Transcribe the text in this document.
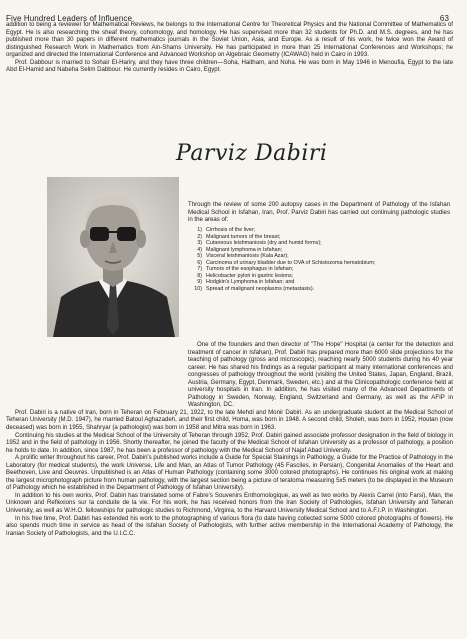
Five Hundred Leaders of Influence	63

addition to being a reviewer for Mathematical Reviews, he belongs to the International Centre for Theoretical Physics and the National Committee of Mathematics of Egypt. He is also researching the sheaf theory, cohomology, and homology. He has supervised more than 32 students for Ph.D. and M.S. degrees, and he has published more than 30 papers in different mathematics journals in the Soviet Union, Asia, and Europe. As a result of his work, he twice won the Award of distinguished Research Work in Mathematics from Ain-Shams University. He has participated in more than 25 International Conferences and Workshops; he organized and directed the International Conference and Advanced Workshop on Algebraic Geometry (ICAWAG) held in Cairo in 1993.

Prof. Dabbour is married to Sohair El-Hariry, and they have three children—Soha, Haitham, and Noha. He was born in May 1946 in Menoufia, Egypt to the late Abd El-Hamid and Nabeha Selim Dabbour. He currently resides in Cairo, Egypt.

Parviz Dabiri
Through the review of some 200 autopsy cases in the Department of Pathology of the Isfahan Medical School in Isfahan, Iran, Prof. Parviz Dabiri has carried out continuing pathologic studies in the areas of:
1) Cirrhosis of the liver;
2) Malignant tumors of the breast;
3) Cutaneous leishmaniosis (dry and humid forms);
4) Malignant lymphoma in Isfahan;
5) Visceral leishmaniosis (Kala Azar);
6) Carcinoma of urinary bladder due to OVA of Schistozoma hematobium;
7) Tumors of the esophagus in Isfahan;
8) Helicobacter pylori in gastric lesions;
9) Hodgkin's Lymphoma in Isfahan; and
10) Spread of malignant neoplasms (metastasis).

One of the founders and then director of "The Hope" Hospital (a center for the detection and treatment of cancer in Isfahan), Prof. Dabiri has prepared more than 6000 slide projections for the teaching of pathology (gross and microscopic), reaching nearly 5000 students during his 40 year career. He has shared his findings as a regular participant at many international conferences and congresses of pathology throughout the world (visiting the United States, Japan, England, Brazil, Austria, Germany, Egypt, Denmark, Sweden, etc.) and at the Clinicopathologic conference held at university hospitals in Iran. In addition, he has visited many of the Advanced Departments of Pathology in Sweden, Norway, England, Switzerland and Germany, as well as the AFIP in Washington, DC.

Prof. Dabiri is a native of Iran, born in Teheran on February 21, 1922, to the late Mehdi and Monir Dabiri. As an undergraduate student at the Medical School of Teheran University (M.D. 1947), he married Batoul Aghazadeh, and their first child, Homa, was born in 1948. A second child, Sholeh, was born in 1952, Houtan (now deceased) was born in 1955, Shahryar (a pathologist) was born in 1958 and Mitra was born in 1963.

Continuing his studies at the Medical School of the University of Teheran through 1952, Prof. Dabiri gained associate professor designation in the field of biology in 1952 and in the field of pathology in 1956. Shortly thereafter, he joined the faculty of the Medical School of Isfahan University as a professor of pathology, a position he holds to date. In addition, since 1987, he has been a professor of pathology with the Medical School of Najaf Abad University.

A prolific writer throughout his career, Prof. Dabiri's published works include a Guide for Special Stainings in Pathology, a Guide for the Practice of Pathology in the Laboratory (for medical students), the work Universe, Life and Man, an Atlas of Tumor Pathology (45 Fascíles, in Persian), Congenital Anomalies of the Heart and Beethoven, Live and Oeuvres. Unpublished is an Atlas of Human Pathology (containing some 3000 colored photographs). He continues his original work at making the largest microphotograph picture from human pathology, with the largest section being a picture of teratoma measuring 5x5 meters (to be displayed in the Museum of Pathology which he established in the Department of Pathology of Isfahan University).

In addition to his own works, Prof. Dabiri has translated some of Fabre's Souvenirs Enthomologique, as well as two works by Alexis Carrel (into Farsi), Man, the Unknown and Reflexions sur la conduite de la vie. For his work, he has received honors from the Iran Society of Pathologies, Isfahan University and Teheran University, as well as W.H.O. fellowships for pathologic studies to Richmond, Virginia, to the Harvard University Medical School and to A.F.I.P. in Washington.

In his free time, Prof. Dabiri has extended his work to the photographing of various flora (to date having collected some 5000 colored photographs of flowers). He also spends much time in service as head of the Isfahan Society of Pathologists, with further active membership in the International Academy of Pathology, the Iranian Society of Pathologists, and the U.I.C.C.
